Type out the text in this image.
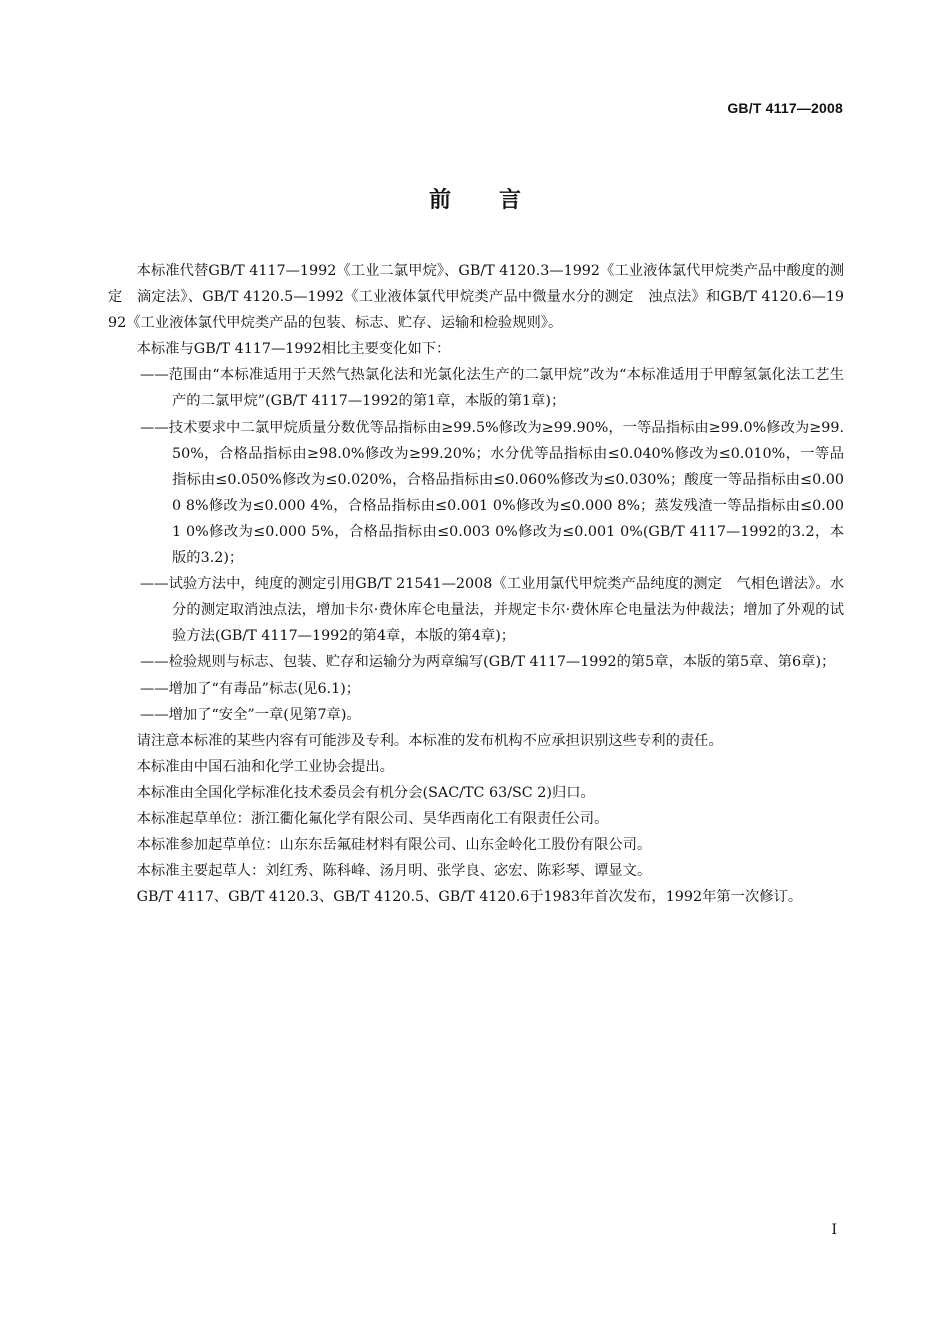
GB/T 4117—2008
前言

本标准代替GB/T 4117—1992《工业二氯甲烷》、GB/T 4120.3—1992《工业液体氯代甲烷类产品中酸度的测定　滴定法》、GB/T 4120.5—1992《工业液体氯代甲烷类产品中微量水分的测定　浊点法》和GB/T 4120.6—1992《工业液体氯代甲烷类产品的包装、标志、贮存、运输和检验规则》。

本标准与GB/T 4117—1992相比主要变化如下：

——范围由“本标准适用于天然气热氯化法和光氯化法生产的二氯甲烷”改为“本标准适用于甲醇氢氯化法工艺生产的二氯甲烷”(GB/T 4117—1992的第1章，本版的第1章)；

——技术要求中二氯甲烷质量分数优等品指标由≥99.5%修改为≥99.90%，一等品指标由≥99.0%修改为≥99.50%，合格品指标由≥98.0%修改为≥99.20%；水分优等品指标由≤0.040%修改为≤0.010%，一等品指标由≤0.050%修改为≤0.020%，合格品指标由≤0.060%修改为≤0.030%；酸度一等品指标由≤0.000 8%修改为≤0.000 4%，合格品指标由≤0.001 0%修改为≤0.000 8%；蒸发残渣一等品指标由≤0.001 0%修改为≤0.000 5%，合格品指标由≤0.003 0%修改为≤0.001 0%(GB/T 4117—1992的3.2，本版的3.2)；

——试验方法中，纯度的测定引用GB/T 21541—2008《工业用氯代甲烷类产品纯度的测定　气相色谱法》。水分的测定取消浊点法，增加卡尔·费休库仑电量法，并规定卡尔·费休库仑电量法为仲裁法；增加了外观的试验方法(GB/T 4117—1992的第4章，本版的第4章)；

——检验规则与标志、包装、贮存和运输分为两章编写(GB/T 4117—1992的第5章，本版的第5章、第6章)；

——增加了“有毒品”标志(见6.1)；

——增加了“安全”一章(见第7章)。

请注意本标准的某些内容有可能涉及专利。本标准的发布机构不应承担识别这些专利的责任。

本标准由中国石油和化学工业协会提出。

本标准由全国化学标准化技术委员会有机分会(SAC/TC 63/SC 2)归口。

本标准起草单位：浙江衢化氟化学有限公司、昊华西南化工有限责任公司。

本标准参加起草单位：山东东岳氟硅材料有限公司、山东金岭化工股份有限公司。

本标准主要起草人：刘红秀、陈科峰、汤月明、张学良、宓宏、陈彩琴、谭显文。

GB/T 4117、GB/T 4120.3、GB/T 4120.5、GB/T 4120.6于1983年首次发布，1992年第一次修订。

I
